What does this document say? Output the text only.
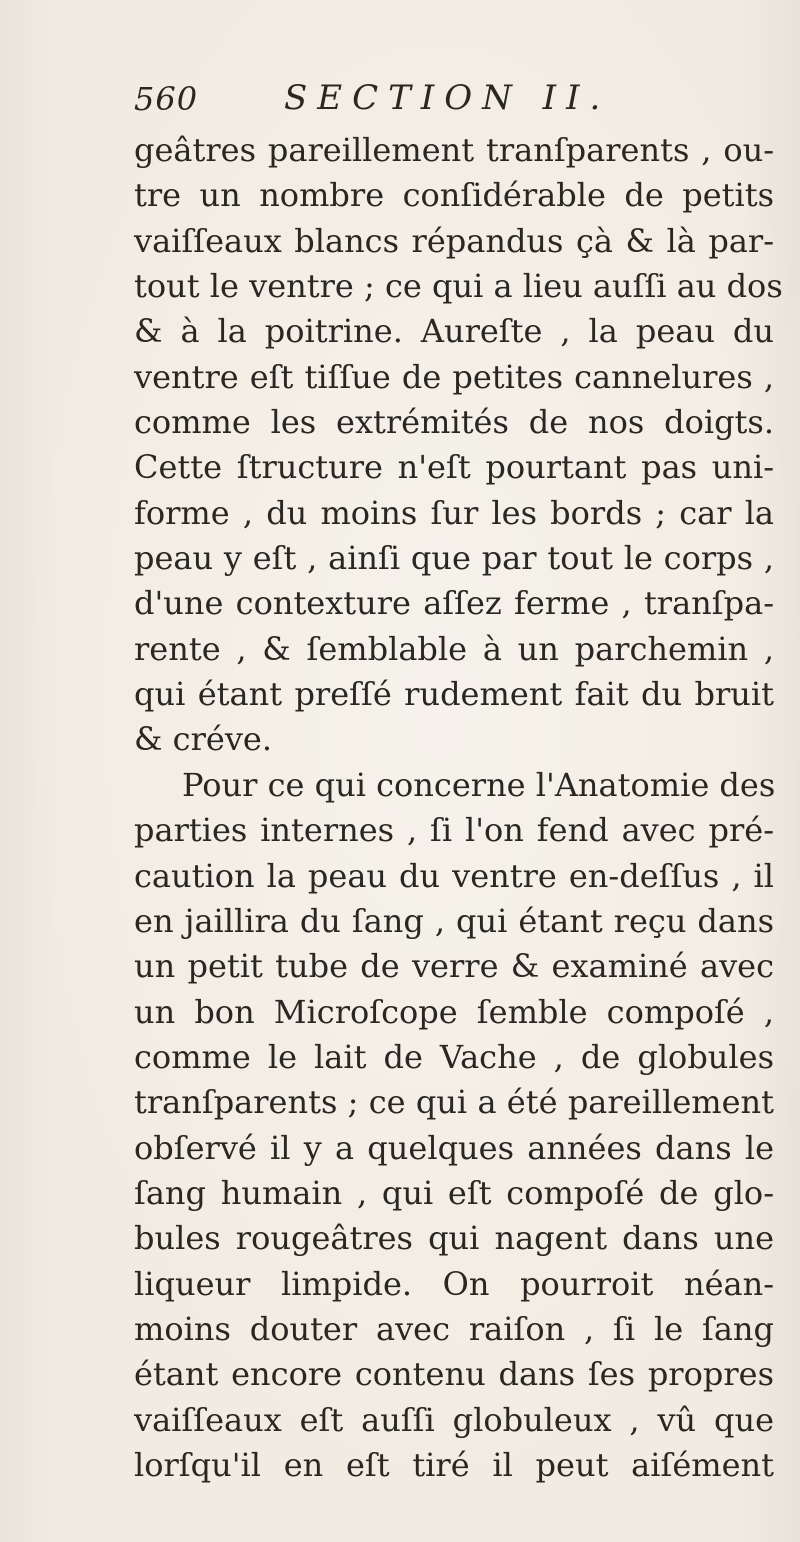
560	SECTION II.
geâtres pareillement tranſparents , ou-
tre un nombre conſidérable de petits
vaiſſeaux blancs répandus çà & là par-
tout le ventre ; ce qui a lieu auſſi au dos
& à la poitrine. Aureſte , la peau du
ventre eſt tiſſue de petites cannelures ,
comme les extrémités de nos doigts.
Cette ſtructure n'eſt pourtant pas uni-
forme , du moins ſur les bords ; car la
peau y eſt , ainſi que par tout le corps ,
d'une contexture aſſez ferme , tranſpa-
rente , & ſemblable à un parchemin ,
qui étant preſſé rudement fait du bruit
& créve.
Pour ce qui concerne l'Anatomie des
parties internes , ſi l'on fend avec pré-
caution la peau du ventre en-deſſus , il
en jaillira du ſang , qui étant reçu dans
un petit tube de verre & examiné avec
un bon Microſcope ſemble compoſé ,
comme le lait de Vache , de globules
tranſparents ; ce qui a été pareillement
obſervé il y a quelques années dans le
ſang humain , qui eſt compoſé de glo-
bules rougeâtres qui nagent dans une
liqueur limpide. On pourroit néan-
moins douter avec raiſon , ſi le ſang
étant encore contenu dans ſes propres
vaiſſeaux eſt auſſi globuleux , vû que
lorſqu'il en eſt tiré il peut aiſément
